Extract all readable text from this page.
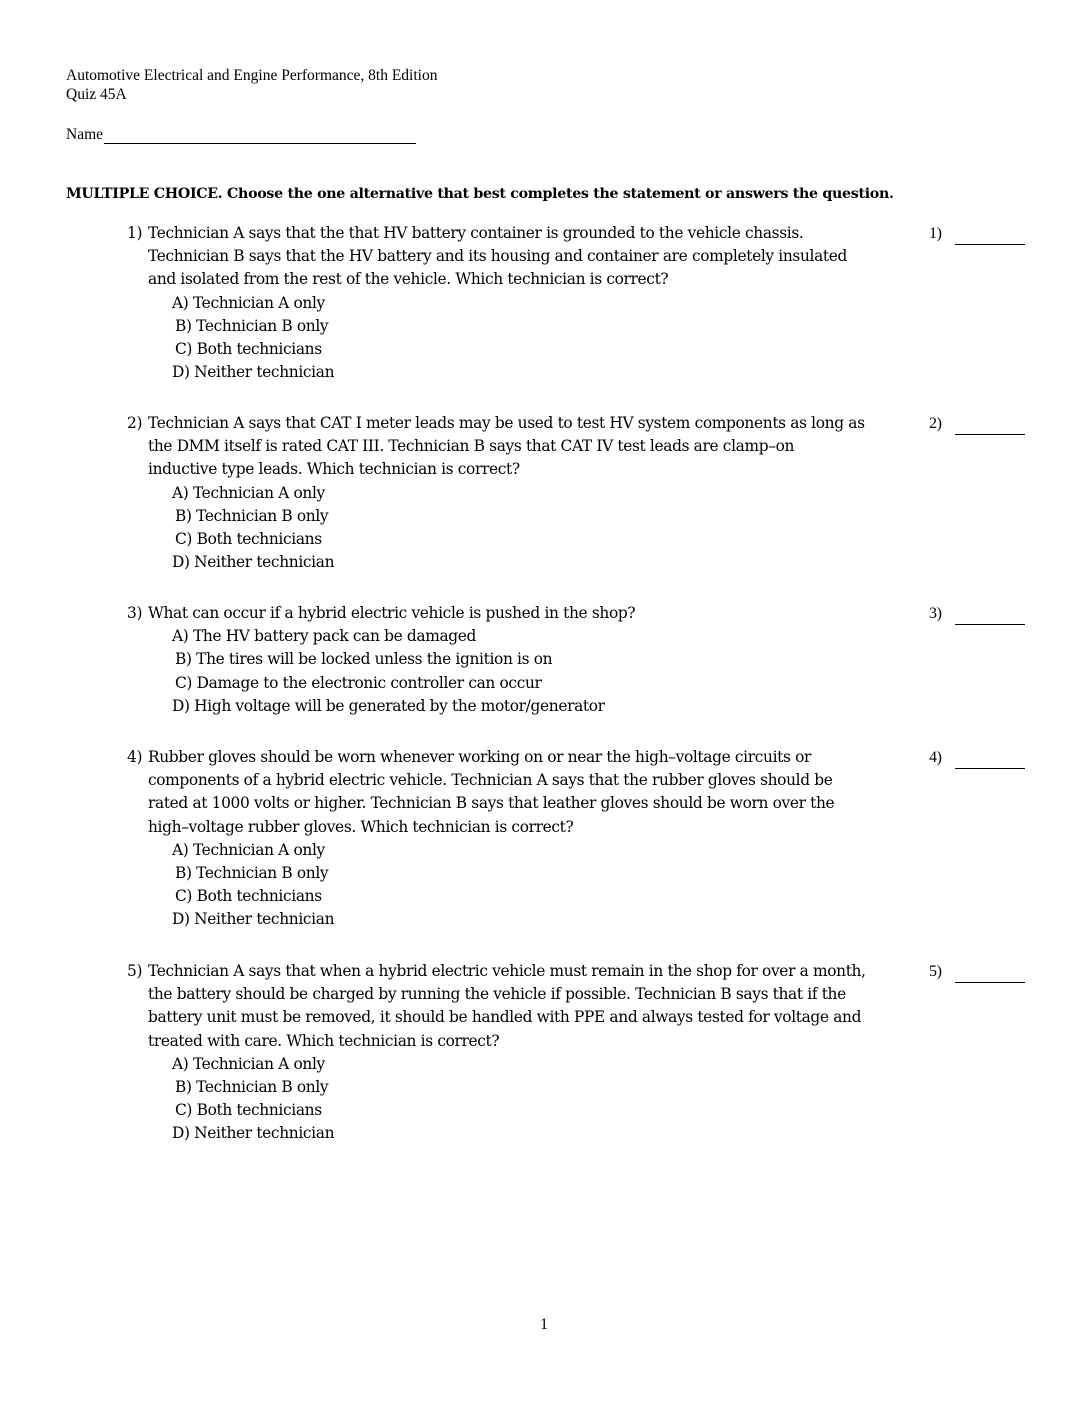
Automotive Electrical and Engine Performance, 8th Edition
Quiz 45A
Name
MULTIPLE CHOICE. Choose the one alternative that best completes the statement or answers the question.
1) Technician A says that the that HV battery container is grounded to the vehicle chassis.
Technician B says that the HV battery and its housing and container are completely insulated
and isolated from the rest of the vehicle. Which technician is correct?
A) Technician A only
B) Technician B only
C) Both technicians
D) Neither technician
1)
2) Technician A says that CAT I meter leads may be used to test HV system components as long as
the DMM itself is rated CAT III. Technician B says that CAT IV test leads are clamp–on
inductive type leads. Which technician is correct?
A) Technician A only
B) Technician B only
C) Both technicians
D) Neither technician
2)
3) What can occur if a hybrid electric vehicle is pushed in the shop?
A) The HV battery pack can be damaged
B) The tires will be locked unless the ignition is on
C) Damage to the electronic controller can occur
D) High voltage will be generated by the motor/generator
3)
4) Rubber gloves should be worn whenever working on or near the high–voltage circuits or
components of a hybrid electric vehicle. Technician A says that the rubber gloves should be
rated at 1000 volts or higher. Technician B says that leather gloves should be worn over the
high–voltage rubber gloves. Which technician is correct?
A) Technician A only
B) Technician B only
C) Both technicians
D) Neither technician
4)
5) Technician A says that when a hybrid electric vehicle must remain in the shop for over a month,
the battery should be charged by running the vehicle if possible. Technician B says that if the
battery unit must be removed, it should be handled with PPE and always tested for voltage and
treated with care. Which technician is correct?
A) Technician A only
B) Technician B only
C) Both technicians
D) Neither technician
5)
1
